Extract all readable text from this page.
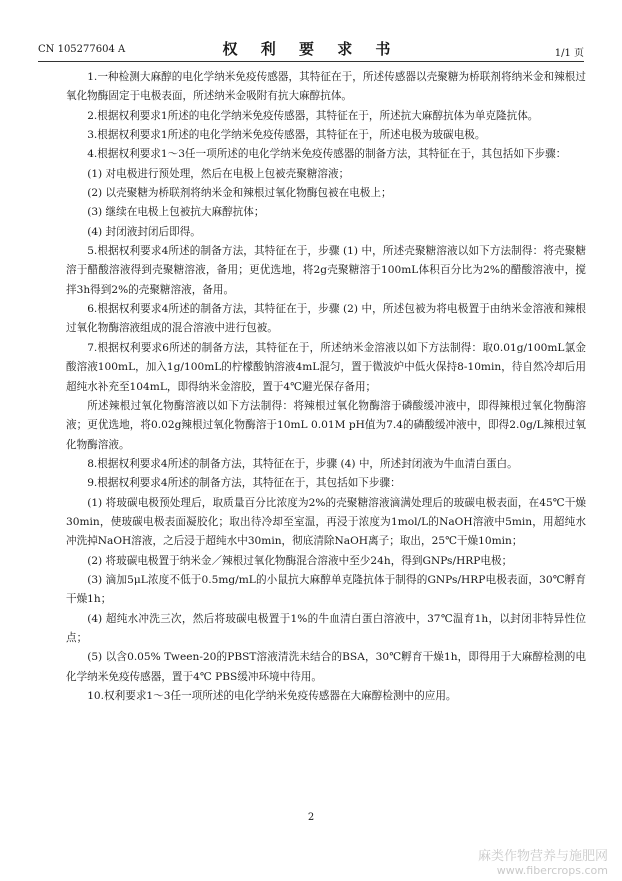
CN 105277604 A	权 利 要 求 书	1/1 页

1.一种检测大麻醇的电化学纳米免疫传感器，其特征在于，所述传感器以壳聚糖为桥联剂将纳米金和辣根过氧化物酶固定于电极表面，所述纳米金吸附有抗大麻醇抗体。

2.根据权利要求1所述的电化学纳米免疫传感器，其特征在于，所述抗大麻醇抗体为单克隆抗体。

3.根据权利要求1所述的电化学纳米免疫传感器，其特征在于，所述电极为玻碳电极。

4.根据权利要求1～3任一项所述的电化学纳米免疫传感器的制备方法，其特征在于，其包括如下步骤：

(1) 对电极进行预处理，然后在电极上包被壳聚糖溶液；

(2) 以壳聚糖为桥联剂将纳米金和辣根过氧化物酶包被在电极上；

(3) 继续在电极上包被抗大麻醇抗体；

(4) 封闭液封闭后即得。

5.根据权利要求4所述的制备方法，其特征在于，步骤 (1) 中，所述壳聚糖溶液以如下方法制得：将壳聚糖溶于醋酸溶液得到壳聚糖溶液，备用；更优选地，将2g壳聚糖溶于100mL体积百分比为2%的醋酸溶液中，搅拌3h得到2%的壳聚糖溶液，备用。

6.根据权利要求4所述的制备方法，其特征在于，步骤 (2) 中，所述包被为将电极置于由纳米金溶液和辣根过氧化物酶溶液组成的混合溶液中进行包被。

7.根据权利要求6所述的制备方法，其特征在于，所述纳米金溶液以如下方法制得：取0.01g/100mL氯金酸溶液100mL，加入1g/100mL的柠檬酸钠溶液4mL混匀，置于微波炉中低火保持8-10min，待自然冷却后用超纯水补充至104mL，即得纳米金溶胶，置于4℃避光保存备用；

所述辣根过氧化物酶溶液以如下方法制得：将辣根过氧化物酶溶于磷酸缓冲液中，即得辣根过氧化物酶溶液；更优选地，将0.02g辣根过氧化物酶溶于10mL 0.01M pH值为7.4的磷酸缓冲液中，即得2.0g/L辣根过氧化物酶溶液。

8.根据权利要求4所述的制备方法，其特征在于，步骤 (4) 中，所述封闭液为牛血清白蛋白。

9.根据权利要求4所述的制备方法，其特征在于，其包括如下步骤：

(1) 将玻碳电极预处理后，取质量百分比浓度为2%的壳聚糖溶液滴满处理后的玻碳电极表面，在45℃干燥30min，使玻碳电极表面凝胶化；取出待冷却至室温，再浸于浓度为1mol/L的NaOH溶液中5min，用超纯水冲洗掉NaOH溶液，之后浸于超纯水中30min，彻底清除NaOH离子；取出，25℃干燥10min；

(2) 将玻碳电极置于纳米金／辣根过氧化物酶混合溶液中至少24h，得到GNPs/HRP电极；

(3) 滴加5μL浓度不低于0.5mg/mL的小鼠抗大麻醇单克隆抗体于制得的GNPs/HRP电极表面，30℃孵育干燥1h；

(4) 超纯水冲洗三次，然后将玻碳电极置于1%的牛血清白蛋白溶液中，37℃温育1h，以封闭非特异性位点；

(5) 以含0.05% Tween-20的PBST溶液清洗未结合的BSA，30℃孵育干燥1h，即得用于大麻醇检测的电化学纳米免疫传感器，置于4℃ PBS缓冲环境中待用。

10.权利要求1～3任一项所述的电化学纳米免疫传感器在大麻醇检测中的应用。

2
麻类作物营养与施肥网
www.fibercrops.com
